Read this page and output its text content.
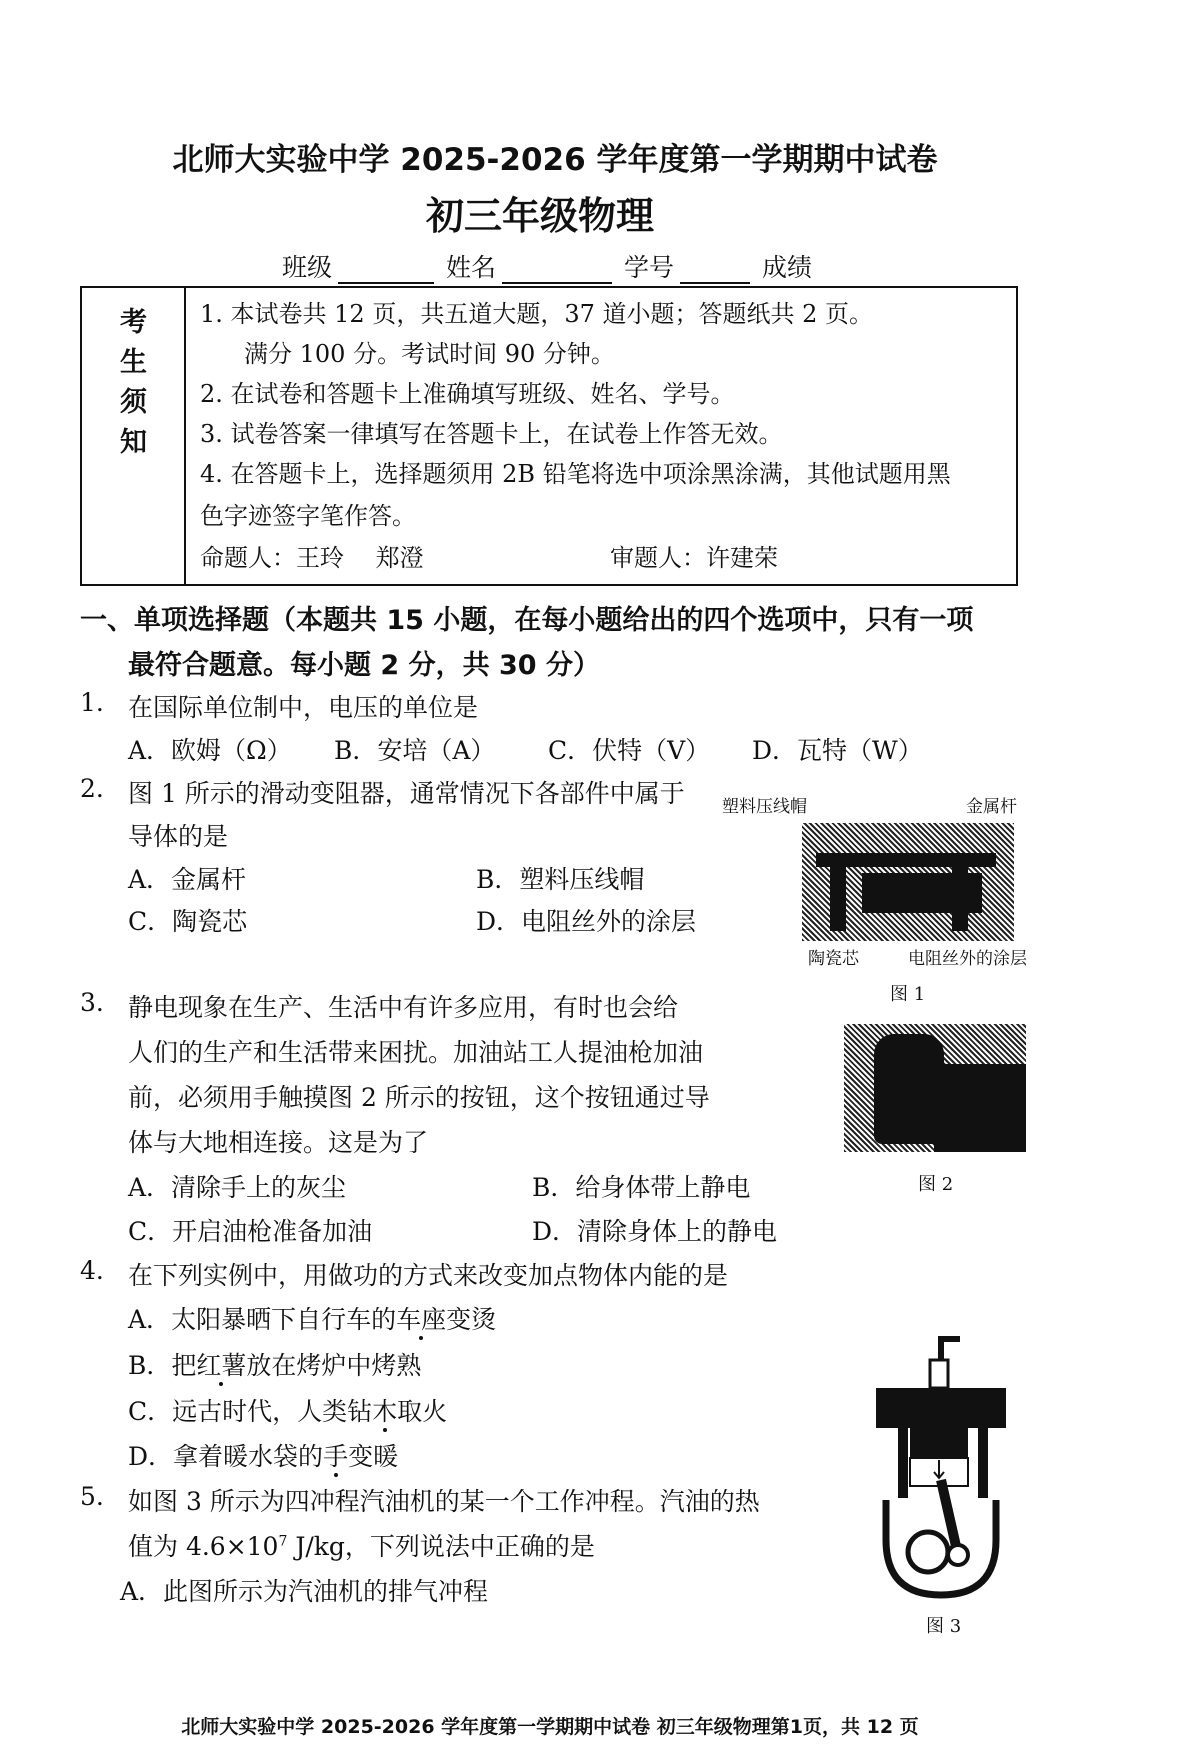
北师大实验中学 2025-2026 学年度第一学期期中试卷
初三年级物理
班级	姓名	学号	成绩
考
生
须
知
1. 本试卷共 12 页，共五道大题，37 道小题；答题纸共 2 页。
满分 100 分。考试时间 90 分钟。
2. 在试卷和答题卡上准确填写班级、姓名、学号。
3. 试卷答案一律填写在答题卡上，在试卷上作答无效。
4. 在答题卡上，选择题须用 2B 铅笔将选中项涂黑涂满，其他试题用黑
色字迹签字笔作答。
命题人：王玲　 郑澄	审题人：许建荣
一、单项选择题（本题共 15 小题，在每小题给出的四个选项中，只有一项
最符合题意。每小题 2 分，共 30 分）
1. 在国际单位制中，电压的单位是
A．欧姆（Ω） B．安培（A） C．伏特（V） D．瓦特（W）
2. 图 1 所示的滑动变阻器，通常情况下各部件中属于
导体的是
A．金属杆	B．塑料压线帽
C．陶瓷芯	D．电阻丝外的涂层
塑料压线帽	金属杆
陶瓷芯	电阻丝外的涂层
图 1
3. 静电现象在生产、生活中有许多应用，有时也会给
人们的生产和生活带来困扰。加油站工人提油枪加油
前，必须用手触摸图 2 所示的按钮，这个按钮通过导
体与大地相连接。这是为了
A．清除手上的灰尘	B．给身体带上静电
C．开启油枪准备加油	D．清除身体上的静电
图 2
4. 在下列实例中，用做功的方式来改变加点物体内能的是
A．太阳暴晒下自行车的车座变烫
B．把红薯放在烤炉中烤熟
C．远古时代，人类钻木取火
D．拿着暖水袋的手变暖
5. 如图 3 所示为四冲程汽油机的某一个工作冲程。汽油的热
值为 $4.6\times 10^7$ J/kg，下列说法中正确的是
A．此图所示为汽油机的排气冲程
图 3
北师大实验中学 2025-2026 学年度第一学期期中试卷 初三年级物理第1页，共 12 页
